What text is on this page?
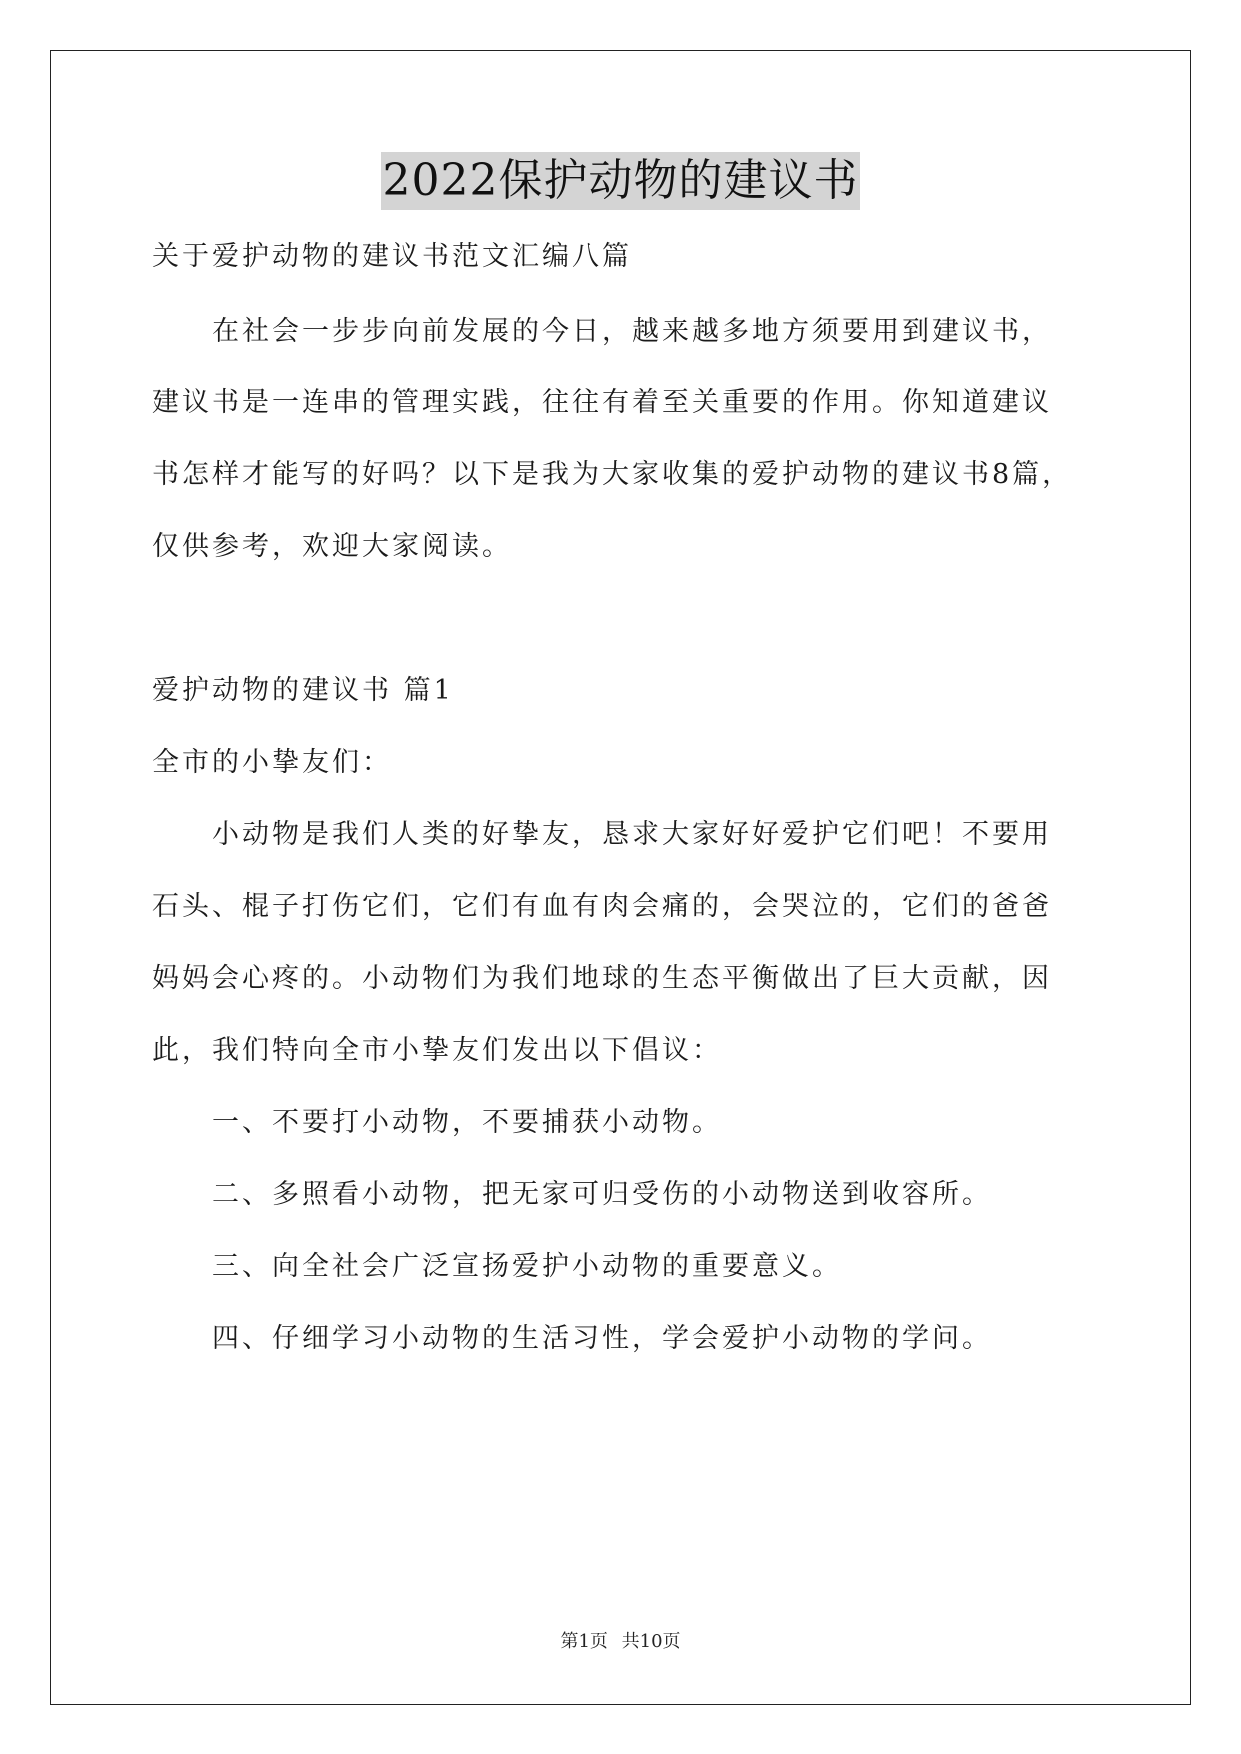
2022保护动物的建议书
关于爱护动物的建议书范文汇编八篇
　　在社会一步步向前发展的今日，越来越多地方须要用到建议书，
建议书是一连串的管理实践，往往有着至关重要的作用。你知道建议
书怎样才能写的好吗？以下是我为大家收集的爱护动物的建议书8篇，
仅供参考，欢迎大家阅读。
爱护动物的建议书 篇1
全市的小挚友们：
　　小动物是我们人类的好挚友，恳求大家好好爱护它们吧！不要用
石头、棍子打伤它们，它们有血有肉会痛的，会哭泣的，它们的爸爸
妈妈会心疼的。小动物们为我们地球的生态平衡做出了巨大贡献，因
此，我们特向全市小挚友们发出以下倡议：
　　一、不要打小动物，不要捕获小动物。
　　二、多照看小动物，把无家可归受伤的小动物送到收容所。
　　三、向全社会广泛宣扬爱护小动物的重要意义。
　　四、仔细学习小动物的生活习性，学会爱护小动物的学问。
第1页 共10页
